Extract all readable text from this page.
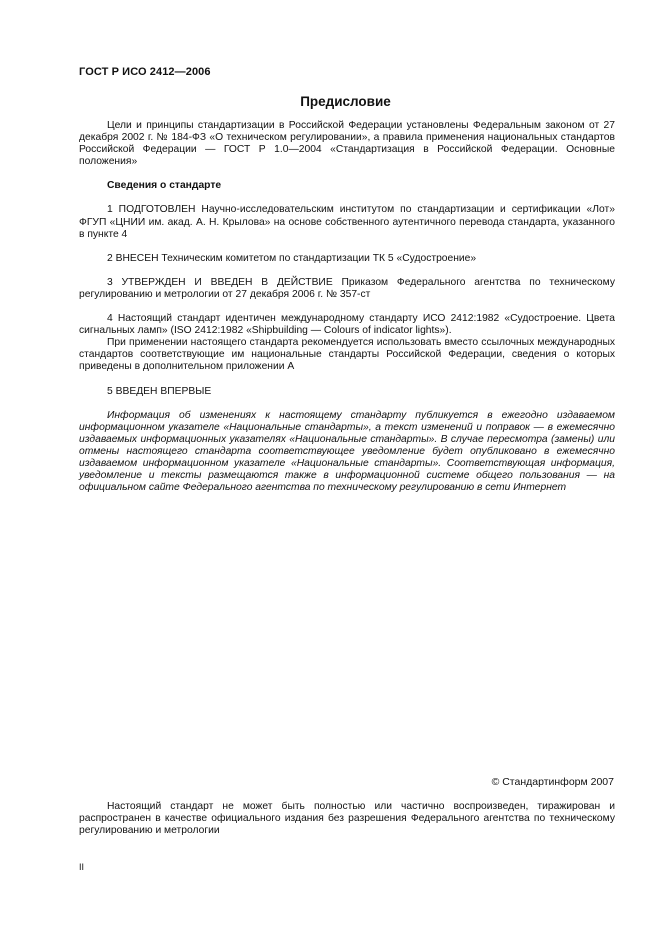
ГОСТ Р ИСО 2412—2006
Предисловие

Цели и принципы стандартизации в Российской Федерации установлены Федеральным законом от 27 декабря 2002 г. № 184-ФЗ «О техническом регулировании», а правила применения национальных стандартов Российской Федерации — ГОСТ Р 1.0—2004 «Стандартизация в Российской Федерации. Основные положения»

Сведения о стандарте

1 ПОДГОТОВЛЕН Научно-исследовательским институтом по стандартизации и сертификации «Лот» ФГУП «ЦНИИ им. акад. А. Н. Крылова» на основе собственного аутентичного перевода стандарта, указанного в пункте 4

2 ВНЕСЕН Техническим комитетом по стандартизации ТК 5 «Судостроение»

3 УТВЕРЖДЕН И ВВЕДЕН В ДЕЙСТВИЕ Приказом Федерального агентства по техническому регулированию и метрологии от 27 декабря 2006 г. № 357-ст

4 Настоящий стандарт идентичен международному стандарту ИСО 2412:1982 «Судостроение. Цвета сигнальных ламп» (ISO 2412:1982 «Shipbuilding — Colours of indicator lights»).

При применении настоящего стандарта рекомендуется использовать вместо ссылочных международных стандартов соответствующие им национальные стандарты Российской Федерации, сведения о которых приведены в дополнительном приложении А

5 ВВЕДЕН ВПЕРВЫЕ

Информация об изменениях к настоящему стандарту публикуется в ежегодно издаваемом информационном указателе «Национальные стандарты», а текст изменений и поправок — в ежемесячно издаваемых информационных указателях «Национальные стандарты». В случае пересмотра (замены) или отмены настоящего стандарта соответствующее уведомление будет опубликовано в ежемесячно издаваемом информационном указателе «Национальные стандарты». Соответствующая информация, уведомление и тексты размещаются также в информационной системе общего пользования — на официальном сайте Федерального агентства по техническому регулированию в сети Интернет

© Стандартинформ 2007

Настоящий стандарт не может быть полностью или частично воспроизведен, тиражирован и распространен в качестве официального издания без разрешения Федерального агентства по техническому регулированию и метрологии

II
